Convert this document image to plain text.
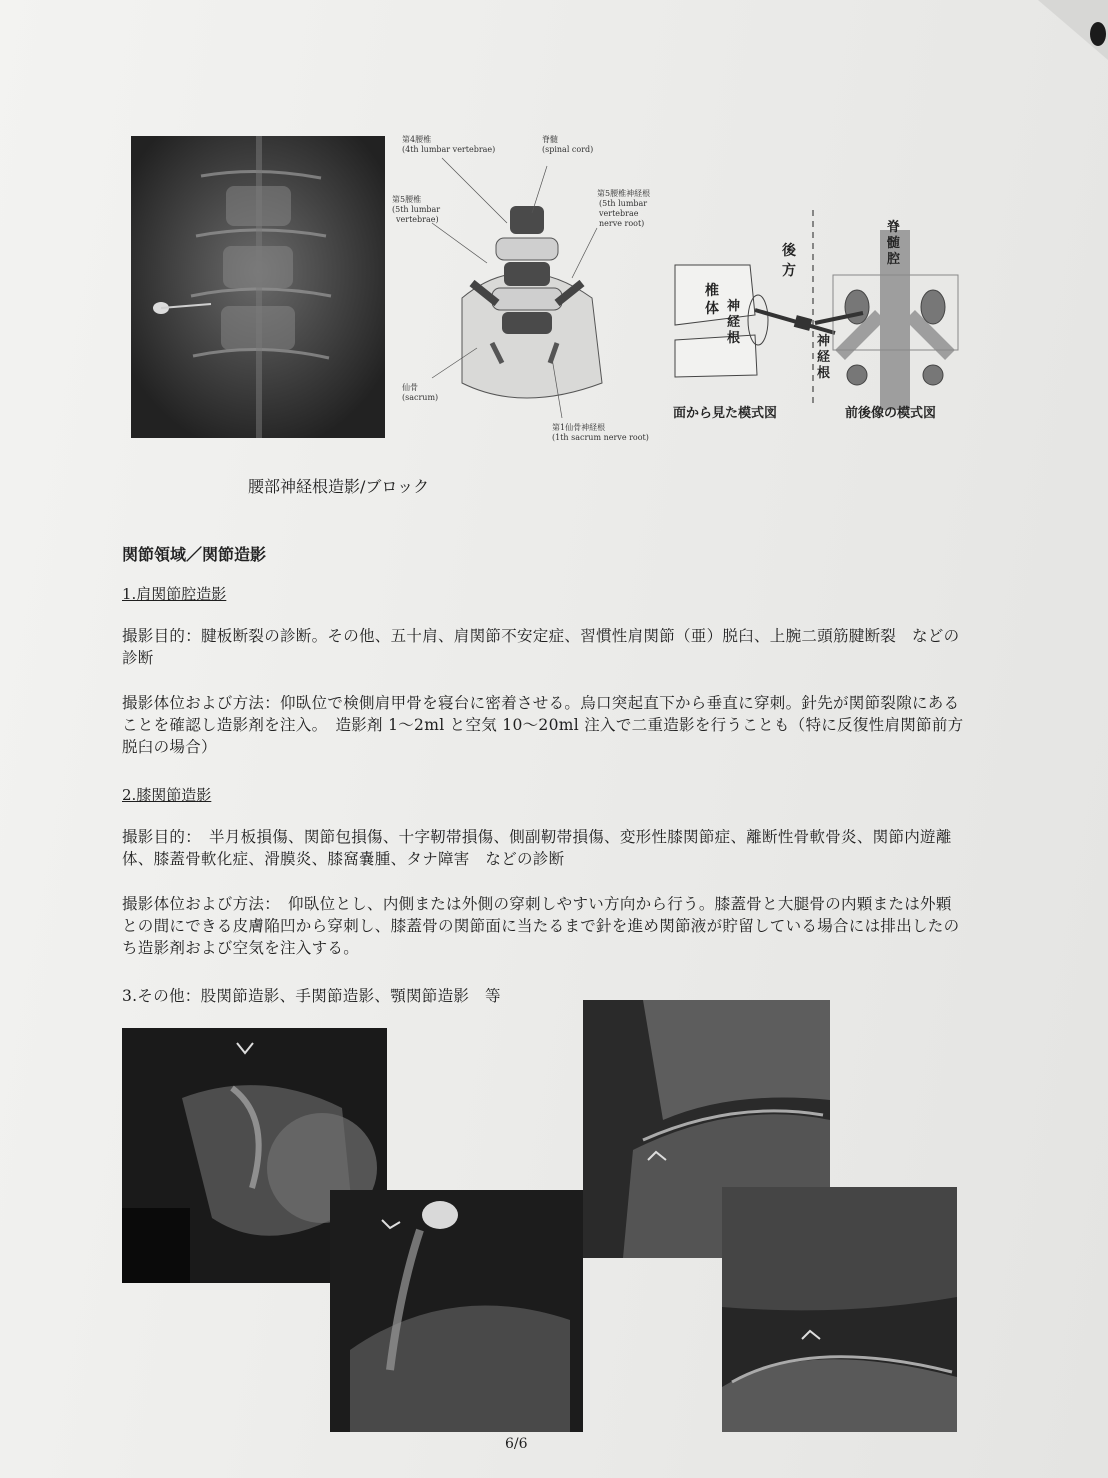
第4腰椎
(4th lumbar vertebrae)
脊髄
(spinal cord)
第5腰椎
(5th lumbar
vertebrae)
第5腰椎神経根
(5th lumbar
vertebrae
nerve root)
仙骨
(sacrum)
第1仙骨神経根
(1th sacrum nerve root)
後
方
椎
体 神
経
根
脊
髄
腔
神
経
根
面から見た模式図	前後像の模式図
腰部神経根造影/ブロック
関節領域／関節造影
1.肩関節腔造影
撮影目的：腱板断裂の診断。その他、五十肩、肩関節不安定症、習慣性肩関節（亜）脱臼、上腕二頭筋腱断裂　などの診断
撮影体位および方法：仰臥位で検側肩甲骨を寝台に密着させる。烏口突起直下から垂直に穿刺。針先が関節裂隙にあることを確認し造影剤を注入。　造影剤 1～2ml と空気 10～20ml 注入で二重造影を行うことも（特に反復性肩関節前方脱臼の場合）
2.膝関節造影
撮影目的：　半月板損傷、関節包損傷、十字靭帯損傷、側副靭帯損傷、変形性膝関節症、離断性骨軟骨炎、関節内遊離体、膝蓋骨軟化症、滑膜炎、膝窩嚢腫、タナ障害　などの診断
撮影体位および方法：　仰臥位とし、内側または外側の穿刺しやすい方向から行う。膝蓋骨と大腿骨の内顆または外顆との間にできる皮膚陥凹から穿刺し、膝蓋骨の関節面に当たるまで針を進め関節液が貯留している場合には排出したのち造影剤および空気を注入する。
3.その他：股関節造影、手関節造影、顎関節造影　等
6/6
